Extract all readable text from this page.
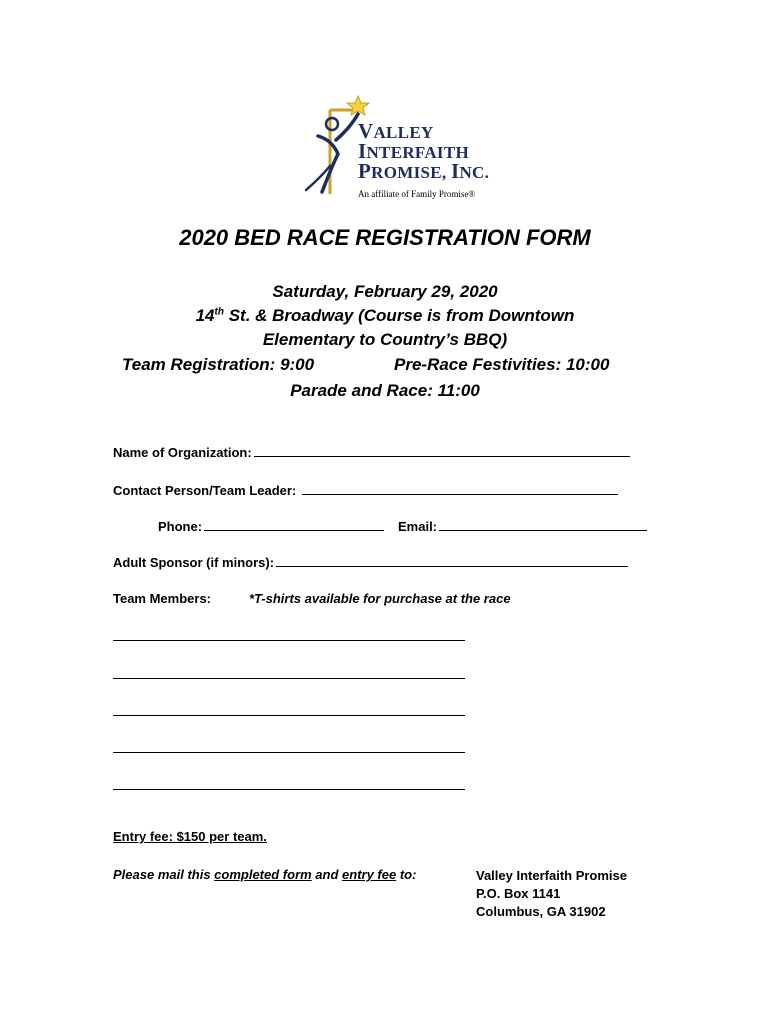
VALLEY
INTERFAITH
PROMISE, INC.
An affiliate of Family Promise®
2020 BED RACE REGISTRATION FORM
Saturday, February 29, 2020
14th St. & Broadway (Course is from Downtown
Elementary to Country’s BBQ)
Team Registration: 9:00	Pre-Race Festivities: 10:00
Parade and Race: 11:00
Name of Organization:
Contact Person/Team Leader:
Phone:	Email:
Adult Sponsor (if minors):
Team Members:	*T-shirts available for purchase at the race
Entry fee: $150 per team.
Please mail this completed form and entry fee to:	Valley Interfaith Promise
P.O. Box 1141
Columbus, GA 31902
